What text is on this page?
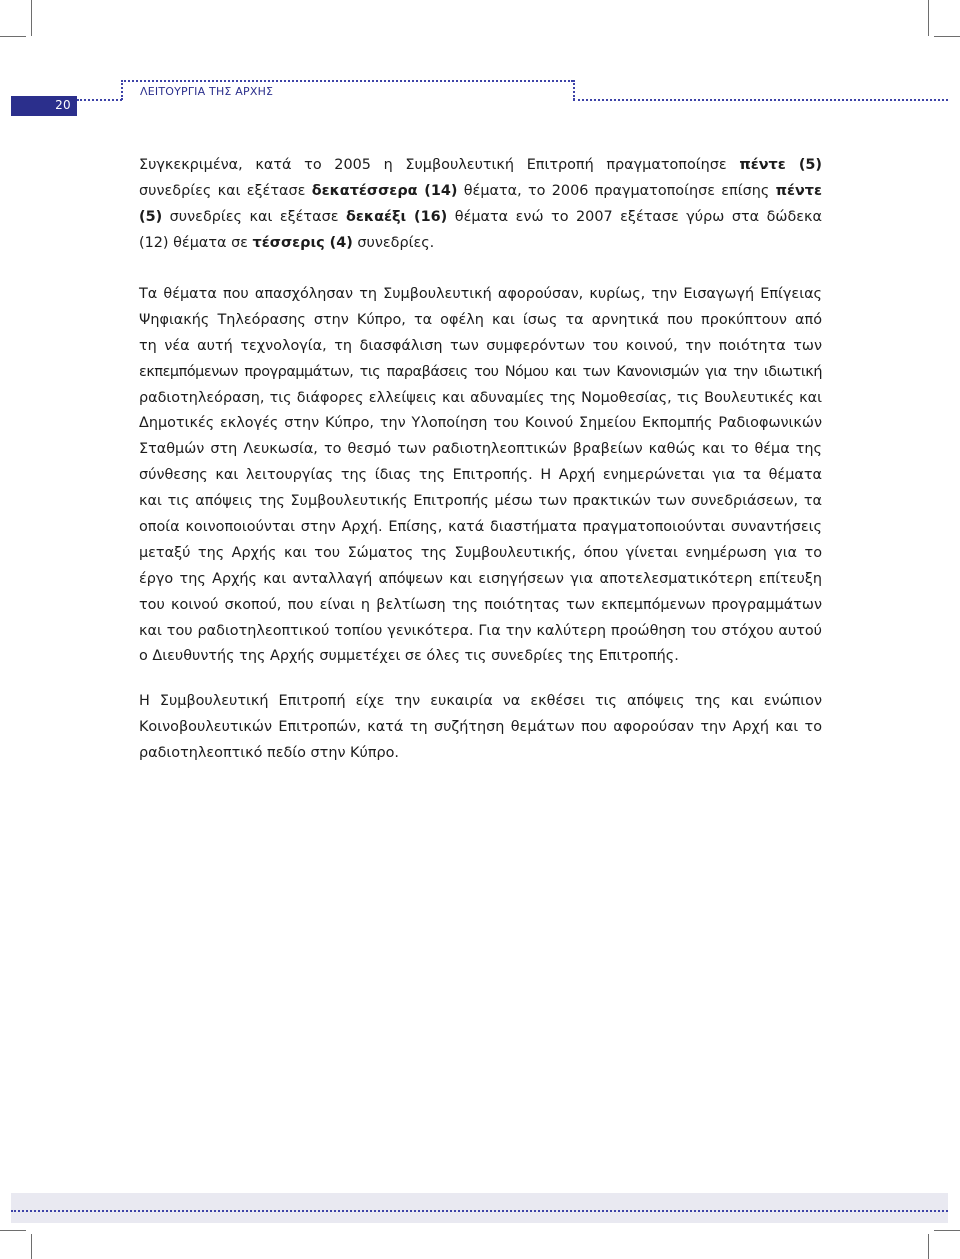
20
ΛΕΙΤΟΥΡΓΙΑ ΤΗΣ ΑΡΧΗΣ
Συγκεκριμένα, κατά το 2005 η Συμβουλευτική Επιτροπή πραγματοποίησε πέντε (5)
συνεδρίες και εξέτασε δεκατέσσερα (14) θέματα, το 2006 πραγματοποίησε επίσης πέντε
(5) συνεδρίες και εξέτασε δεκαέξι (16) θέματα ενώ το 2007 εξέτασε γύρω στα δώδεκα
(12) θέματα σε τέσσερις (4) συνεδρίες.
Τα θέματα που απασχόλησαν τη Συμβουλευτική αφορούσαν, κυρίως, την Εισαγωγή Επίγειας
Ψηφιακής Τηλεόρασης στην Κύπρο, τα οφέλη και ίσως τα αρνητικά που προκύπτουν από
τη νέα αυτή τεχνολογία, τη διασφάλιση των συμφερόντων του κοινού, την ποιότητα των
εκπεμπόμενων προγραμμάτων, τις παραβάσεις του Νόμου και των Κανονισμών για την ιδιωτική
ραδιοτηλεόραση, τις διάφορες ελλείψεις και αδυναμίες της Νομοθεσίας, τις Βουλευτικές και
Δημοτικές εκλογές στην Κύπρο, την Υλοποίηση του Κοινού Σημείου Εκπομπής Ραδιοφωνικών
Σταθμών στη Λευκωσία, το θεσμό των ραδιοτηλεοπτικών βραβείων καθώς και το θέμα της
σύνθεσης και λειτουργίας της ίδιας της Επιτροπής. Η Αρχή ενημερώνεται για τα θέματα
και τις απόψεις της Συμβουλευτικής Επιτροπής μέσω των πρακτικών των συνεδριάσεων, τα
οποία κοινοποιούνται στην Αρχή. Επίσης, κατά διαστήματα πραγματοποιούνται συναντήσεις
μεταξύ της Αρχής και του Σώματος της Συμβουλευτικής, όπου γίνεται ενημέρωση για το
έργο της Αρχής και ανταλλαγή απόψεων και εισηγήσεων για αποτελεσματικότερη επίτευξη
του κοινού σκοπού, που είναι η βελτίωση της ποιότητας των εκπεμπόμενων προγραμμάτων
και του ραδιοτηλεοπτικού τοπίου γενικότερα. Για την καλύτερη προώθηση του στόχου αυτού
ο Διευθυντής της Αρχής συμμετέχει σε όλες τις συνεδρίες της Επιτροπής.
Η Συμβουλευτική Επιτροπή είχε την ευκαιρία να εκθέσει τις απόψεις της και ενώπιον
Κοινοβουλευτικών Επιτροπών, κατά τη συζήτηση θεμάτων που αφορούσαν την Αρχή και το
ραδιοτηλεοπτικό πεδίο στην Κύπρο.
